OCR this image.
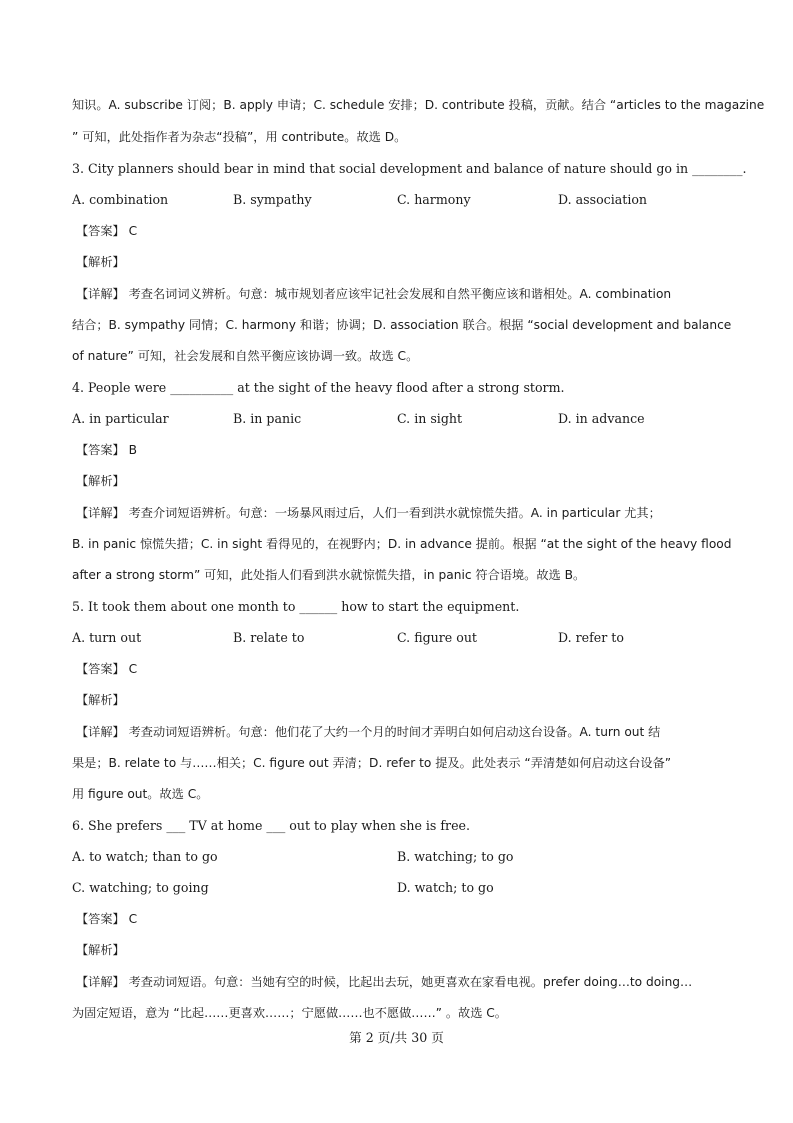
知识。A. subscribe 订阅；B. apply 申请；C. schedule 安排；D. contribute 投稿，贡献。结合 “articles to the magazine
” 可知，此处指作者为杂志“投稿”，用 contribute。故选 D。
3. City planners should bear in mind that social development and balance of nature should go in ________.
A. combination	B. sympathy	C. harmony	D. association
【答案】 C
【解析】
【详解】 考查名词词义辨析。句意：城市规划者应该牢记社会发展和自然平衡应该和谐相处。A. combination
结合；B. sympathy 同情；C. harmony 和谐；协调；D. association 联合。根据 “social development and balance
of nature” 可知，社会发展和自然平衡应该协调一致。故选 C。
4. People were __________ at the sight of the heavy flood after a strong storm.
A. in particular	B. in panic	C. in sight	D. in advance
【答案】 B
【解析】
【详解】 考查介词短语辨析。句意：一场暴风雨过后，人们一看到洪水就惊慌失措。A. in particular 尤其；
B. in panic 惊慌失措；C. in sight 看得见的，在视野内；D. in advance 提前。根据 “at the sight of the heavy flood
after a strong storm” 可知，此处指人们看到洪水就惊慌失措，in panic 符合语境。故选 B。
5. It took them about one month to ______ how to start the equipment.
A. turn out	B. relate to	C. figure out	D. refer to
【答案】 C
【解析】
【详解】 考查动词短语辨析。句意：他们花了大约一个月的时间才弄明白如何启动这台设备。A. turn out 结
果是；B. relate to 与……相关；C. figure out 弄清；D. refer to 提及。此处表示 “弄清楚如何启动这台设备”
用 figure out。故选 C。
6. She prefers ___ TV at home ___ out to play when she is free.
A. to watch; than to go	B. watching; to go
C. watching; to going	D. watch; to go
【答案】 C
【解析】
【详解】 考查动词短语。句意：当她有空的时候，比起出去玩，她更喜欢在家看电视。prefer doing…to doing…
为固定短语，意为 “比起……更喜欢……；宁愿做……也不愿做……” 。故选 C。
第 2 页/共 30 页
